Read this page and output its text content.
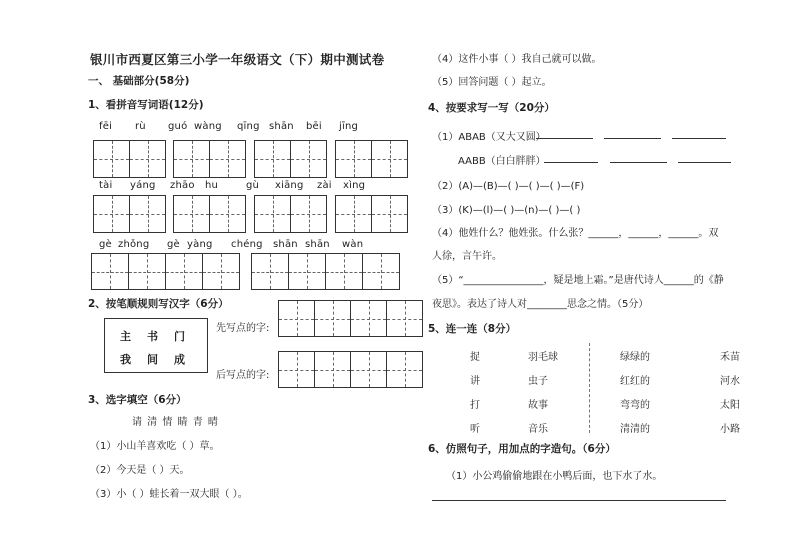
银川市西夏区第三小学一年级语文（下）期中测试卷
一、 基础部分(58分)
1、看拼音写词语(12分)
fēi rù guó wàng qīng shān bēi jīng
tài yáng zhāo hu	gù xiāng zài xìng
gè zhǒng gè yàng chéng shān shān wàn
2、按笔顺规则写汉字（6分）
主书门
我间成
先写点的字:
后写点的字:
3、选字填空（6分）
请 清 情 睛 青 晴
（1）小山羊喜欢吃（ ）草。
（2）今天是（ ）天。
（3）小（ ）蛙长着一双大眼（ ）。
（4）这件小事（ ）我自己就可以做。
（5）回答问题（ ）起立。
4、按要求写一写（20分）
（1）ABAB（又大又圆）
AABB（白白胖胖）
（2）(A)—(B)—( )—( )—( )—(F)
（3）(K)—(l)—( )—(n)—( )—( )
（4）他姓什么？他姓张。什么张？______，______，______。双
人徐，言午许。
（5）“________________，疑是地上霜。”是唐代诗人______的《静
夜思》。表达了诗人对________思念之情。（5分）
5、连一连（8分）
捉
讲
打
听
羽毛球
虫子
故事
音乐
绿绿的
红红的
弯弯的
清清的
禾苗
河水
太阳
小路
6、仿照句子，用加点的字造句。（6分）
（1）小公鸡偷偷地跟在小鸭后面，也下水了水。
